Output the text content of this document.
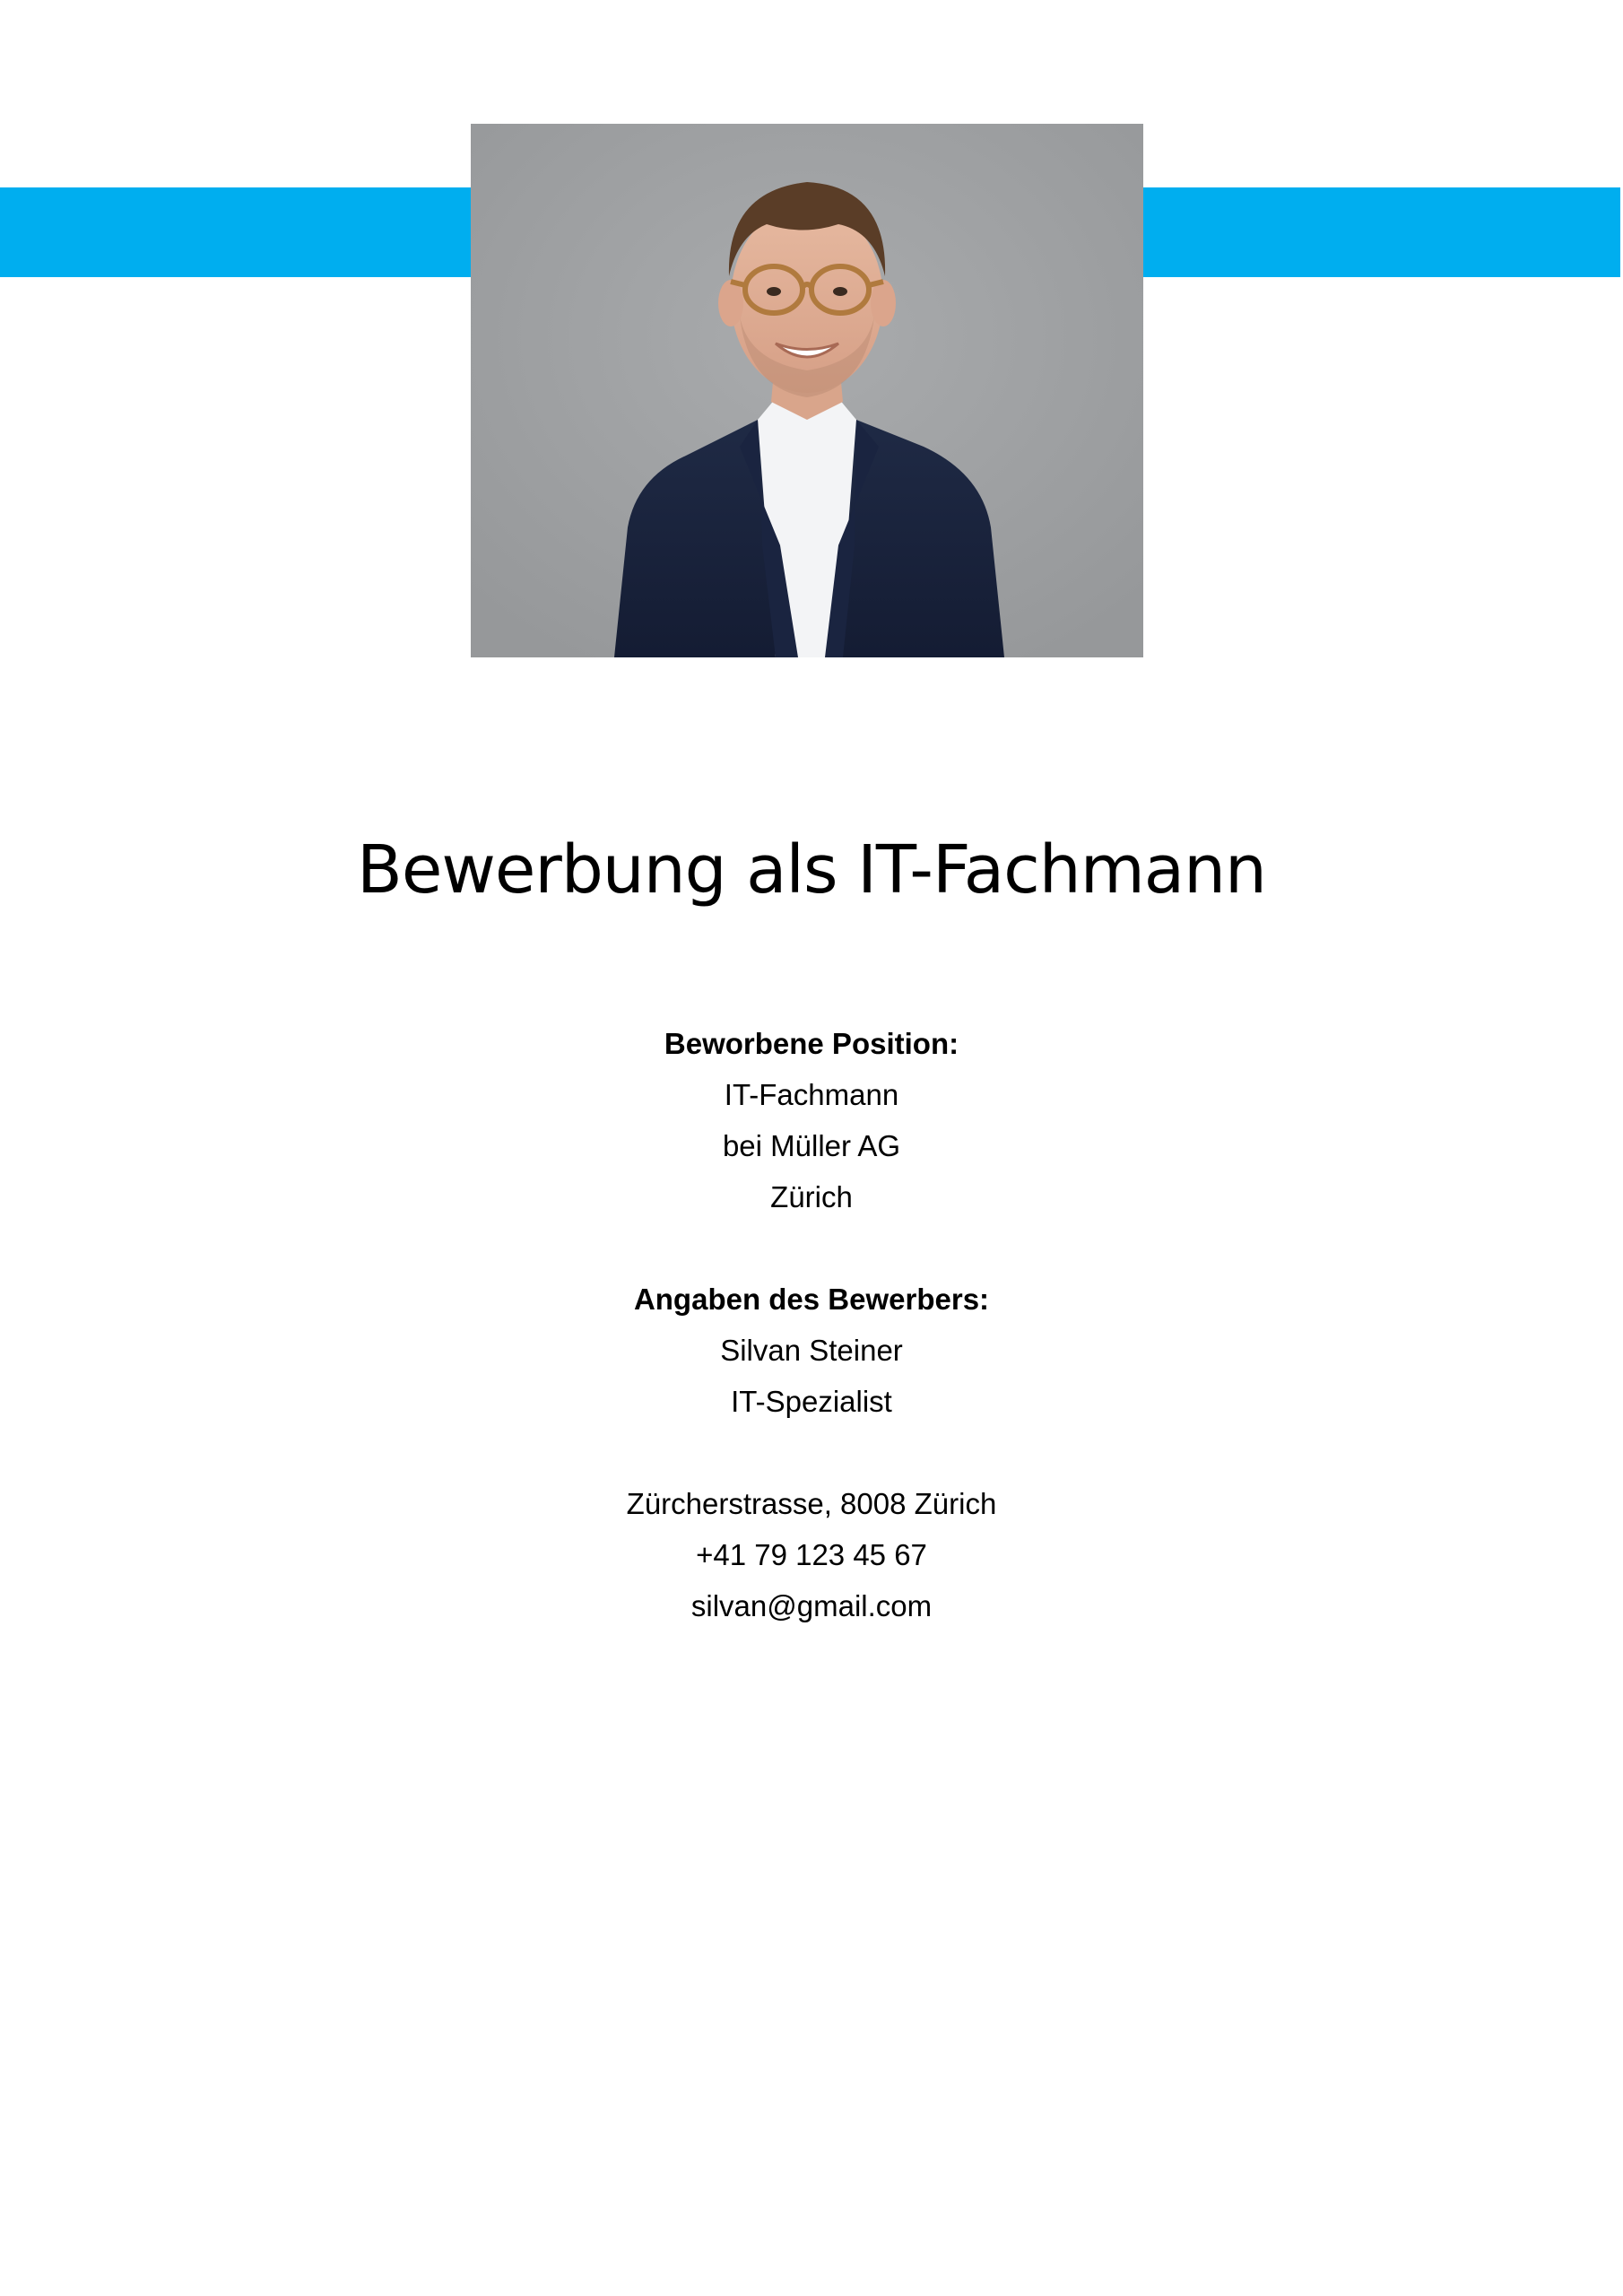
Bewerbung als IT-Fachmann
Beworbene Position:
IT-Fachmann
bei Müller AG
Zürich
Angaben des Bewerbers:
Silvan Steiner
IT-Spezialist
Zürcherstrasse, 8008 Zürich
+41 79 123 45 67
silvan@gmail.com
